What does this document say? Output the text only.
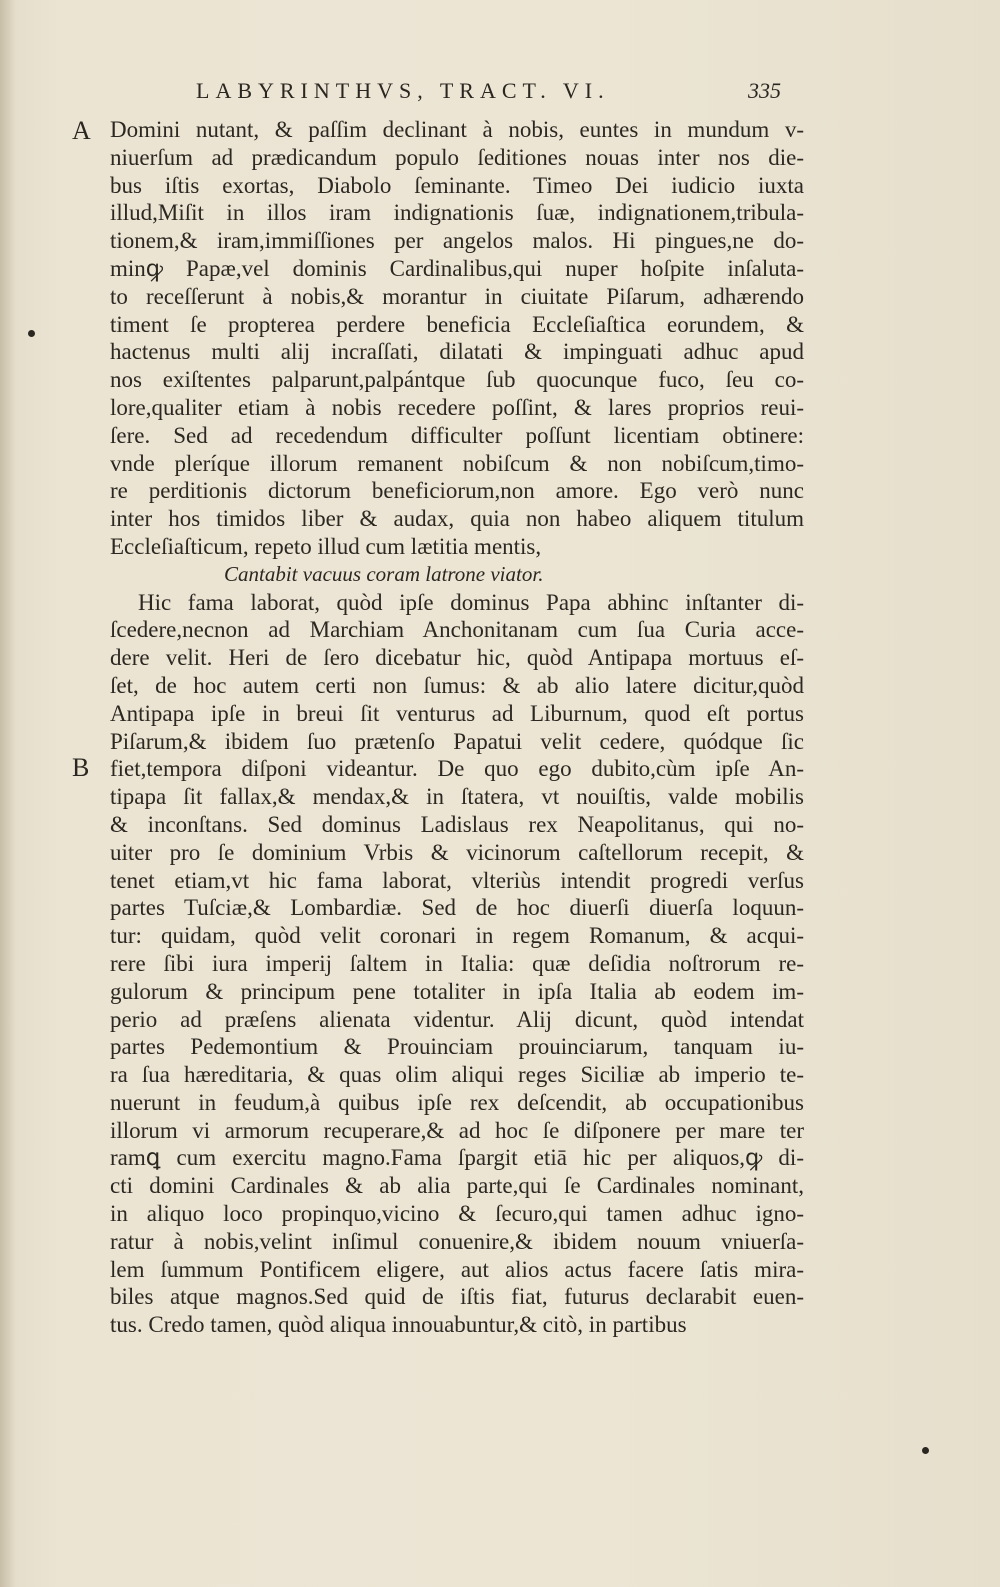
LABYRINTHVS, TRACT. VI.	335
A
B
Domini nutant, & paſſim declinant à nobis, euntes in mundum v-
niuerſum ad prædicandum populo ſeditiones nouas inter nos die-
bus iſtis exortas, Diabolo ſeminante. Timeo Dei iudicio iuxta
illud,Miſit in illos iram indignationis ſuæ, indignationem,tribula-
tionem,& iram,immiſſiones per angelos malos. Hi pingues,ne do-
minꝙ Papæ,vel dominis Cardinalibus,qui nuper hoſpite inſaluta-
to receſſerunt à nobis,& morantur in ciuitate Piſarum, adhærendo
timent ſe propterea perdere beneficia Eccleſiaſtica eorundem, &
hactenus multi alij incraſſati, dilatati & impinguati adhuc apud
nos exiſtentes palparunt,palpántque ſub quocunque fuco, ſeu co-
lore,qualiter etiam à nobis recedere poſſint, & lares proprios reui-
ſere. Sed ad recedendum difficulter poſſunt licentiam obtinere:
vnde pleríque illorum remanent nobiſcum & non nobiſcum,timo-
re perditionis dictorum beneficiorum,non amore. Ego verò nunc
inter hos timidos liber & audax, quia non habeo aliquem titulum
Eccleſiaſticum, repeto illud cum lætitia mentis,
Cantabit vacuus coram latrone viator.
Hic fama laborat, quòd ipſe dominus Papa abhinc inſtanter di-
ſcedere,necnon ad Marchiam Anchonitanam cum ſua Curia acce-
dere velit. Heri de ſero dicebatur hic, quòd Antipapa mortuus eſ-
ſet, de hoc autem certi non ſumus: & ab alio latere dicitur,quòd
Antipapa ipſe in breui ſit venturus ad Liburnum, quod eſt portus
Piſarum,& ibidem ſuo prætenſo Papatui velit cedere, quódque ſic
fiet,tempora diſponi videantur. De quo ego dubito,cùm ipſe An-
tipapa ſit fallax,& mendax,& in ſtatera, vt nouiſtis, valde mobilis
& inconſtans. Sed dominus Ladislaus rex Neapolitanus, qui no-
uiter pro ſe dominium Vrbis & vicinorum caſtellorum recepit, &
tenet etiam,vt hic fama laborat, vlteriùs intendit progredi verſus
partes Tuſciæ,& Lombardiæ. Sed de hoc diuerſi diuerſa loquun-
tur: quidam, quòd velit coronari in regem Romanum, & acqui-
rere ſibi iura imperij ſaltem in Italia: quæ deſidia noſtrorum re-
gulorum & principum pene totaliter in ipſa Italia ab eodem im-
perio ad præſens alienata videntur. Alij dicunt, quòd intendat
partes Pedemontium & Prouinciam prouinciarum, tanquam iu-
ra ſua hæreditaria, & quas olim aliqui reges Siciliæ ab imperio te-
nuerunt in feudum,à quibus ipſe rex deſcendit, ab occupationibus
illorum vi armorum recuperare,& ad hoc ſe diſponere per mare ter
ramꝗ cum exercitu magno.Fama ſpargit etiā hic per aliquos,ꝙ di-
cti domini Cardinales & ab alia parte,qui ſe Cardinales nominant,
in aliquo loco propinquo,vicino & ſecuro,qui tamen adhuc igno-
ratur à nobis,velint inſimul conuenire,& ibidem nouum vniuerſa-
lem ſummum Pontificem eligere, aut alios actus facere ſatis mira-
biles atque magnos.Sed quid de iſtis fiat, futurus declarabit euen-
tus. Credo tamen, quòd aliqua innouabuntur,& citò, in partibus
